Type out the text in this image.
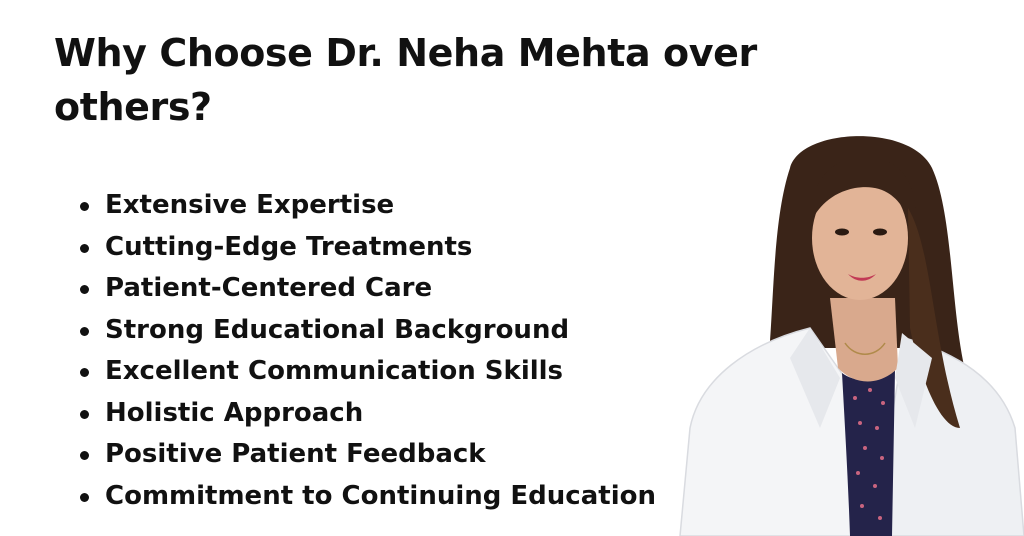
Why Choose Dr. Neha Mehta over others?
Extensive Expertise
Cutting-Edge Treatments
Patient-Centered Care
Strong Educational Background
Excellent Communication Skills
Holistic Approach
Positive Patient Feedback
Commitment to Continuing Education
